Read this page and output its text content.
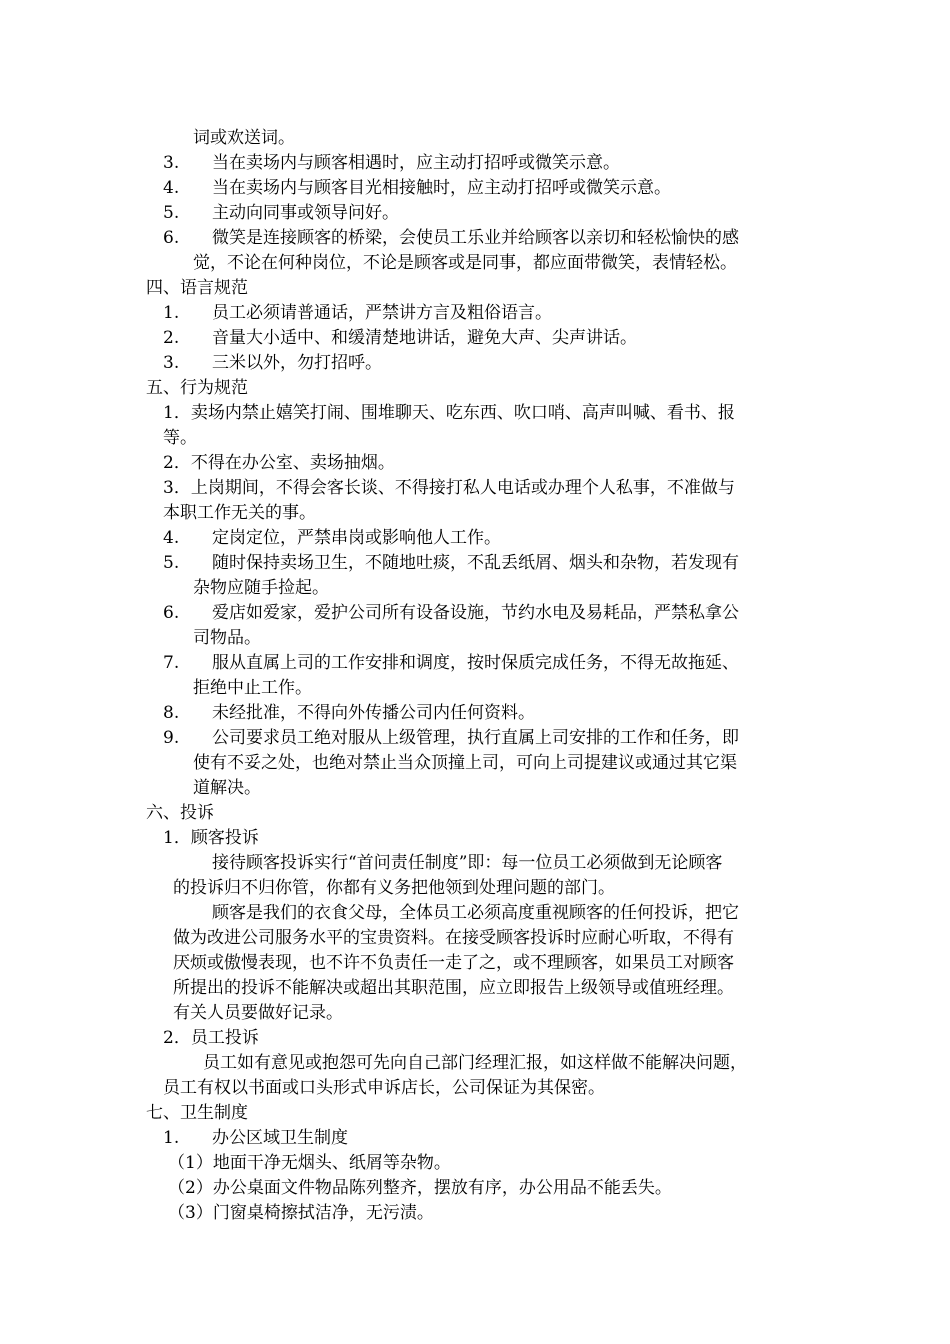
词或欢送词。
3. 当在卖场内与顾客相遇时，应主动打招呼或微笑示意。
4. 当在卖场内与顾客目光相接触时，应主动打招呼或微笑示意。
5. 主动向同事或领导问好。
6. 微笑是连接顾客的桥梁，会使员工乐业并给顾客以亲切和轻松愉快的感
觉，不论在何种岗位，不论是顾客或是同事，都应面带微笑，表情轻松。
四、语言规范
1. 员工必须请普通话，严禁讲方言及粗俗语言。
2. 音量大小适中、和缓清楚地讲话，避免大声、尖声讲话。
3. 三米以外，勿打招呼。
五、行为规范
1．卖场内禁止嬉笑打闹、围堆聊天、吃东西、吹口哨、高声叫喊、看书、报
等。
2．不得在办公室、卖场抽烟。
3．上岗期间，不得会客长谈、不得接打私人电话或办理个人私事，不准做与
本职工作无关的事。
4. 定岗定位，严禁串岗或影响他人工作。
5. 随时保持卖场卫生，不随地吐痰，不乱丢纸屑、烟头和杂物，若发现有
杂物应随手捡起。
6. 爱店如爱家，爱护公司所有设备设施，节约水电及易耗品，严禁私拿公
司物品。
7. 服从直属上司的工作安排和调度，按时保质完成任务，不得无故拖延、
拒绝中止工作。
8. 未经批准，不得向外传播公司内任何资料。
9. 公司要求员工绝对服从上级管理，执行直属上司安排的工作和任务，即
使有不妥之处，也绝对禁止当众顶撞上司，可向上司提建议或通过其它渠
道解决。
六、投诉
1．顾客投诉
接待顾客投诉实行“首问责任制度”即：每一位员工必须做到无论顾客
的投诉归不归你管，你都有义务把他领到处理问题的部门。
顾客是我们的衣食父母，全体员工必须高度重视顾客的任何投诉，把它
做为改进公司服务水平的宝贵资料。在接受顾客投诉时应耐心听取，不得有
厌烦或傲慢表现，也不许不负责任一走了之，或不理顾客，如果员工对顾客
所提出的投诉不能解决或超出其职范围，应立即报告上级领导或值班经理。
有关人员要做好记录。
2．员工投诉
员工如有意见或抱怨可先向自己部门经理汇报，如这样做不能解决问题，
员工有权以书面或口头形式申诉店长，公司保证为其保密。
七、卫生制度
1. 办公区域卫生制度
（1）地面干净无烟头、纸屑等杂物。
（2）办公桌面文件物品陈列整齐，摆放有序，办公用品不能丢失。
（3）门窗桌椅擦拭洁净，无污渍。
